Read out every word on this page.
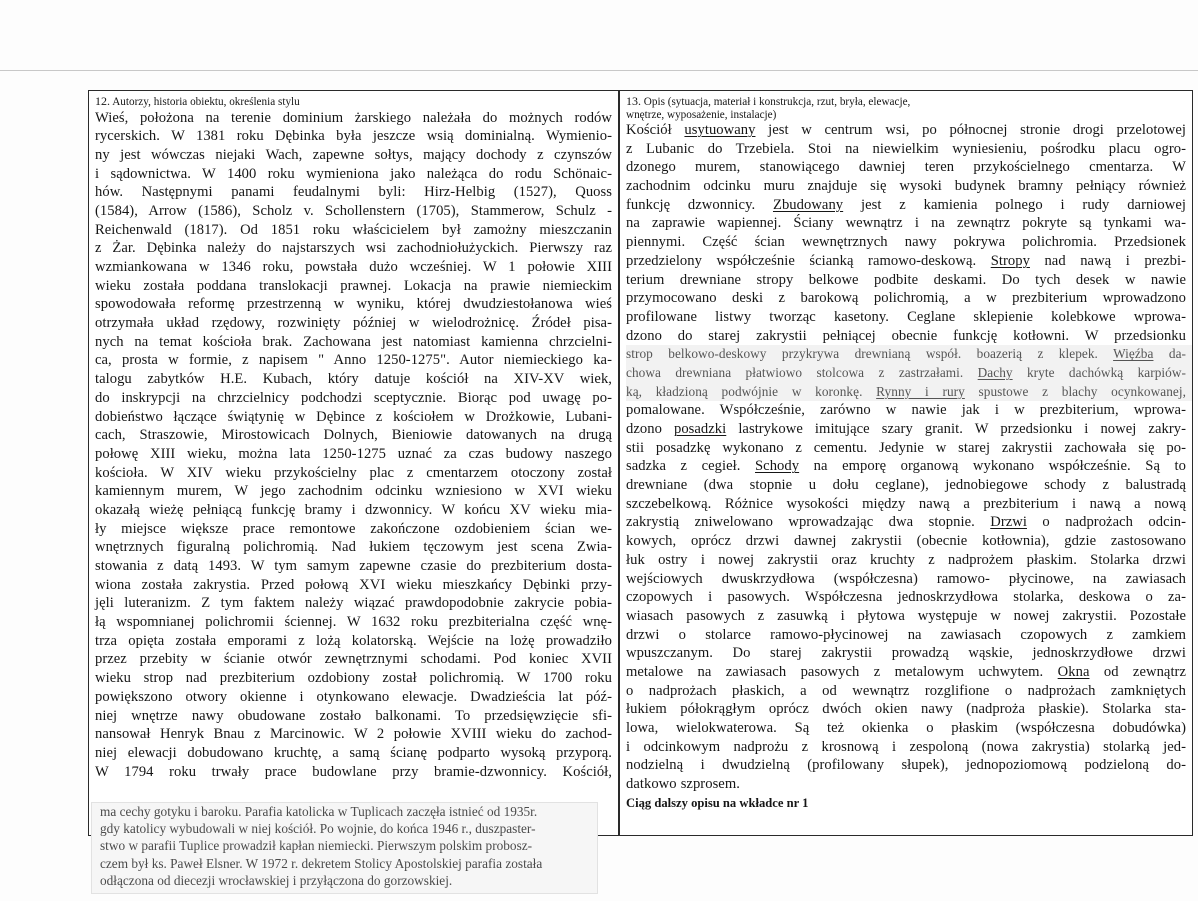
12. Autorzy, historia obiektu, określenia stylu
Wieś, położona na terenie dominium żarskiego należała do możnych rodów
rycerskich. W 1381 roku Dębinka była jeszcze wsią dominialną. Wymienio-
ny jest wówczas niejaki Wach, zapewne sołtys, mający dochody z czynszów
i sądownictwa. W 1400 roku wymieniona jako należąca do rodu Schönaic-
hów. Następnymi panami feudalnymi byli: Hirz-Helbig (1527), Quoss
(1584), Arrow (1586), Scholz v. Schollenstern (1705), Stammerow, Schulz -
Reichenwald (1817). Od 1851 roku właścicielem był zamożny mieszczanin
z Żar. Dębinka należy do najstarszych wsi zachodniołużyckich. Pierwszy raz
wzmiankowana w 1346 roku, powstała dużo wcześniej. W 1 połowie XIII
wieku została poddana translokacji prawnej. Lokacja na prawie niemieckim
spowodowała reformę przestrzenną w wyniku, której dwudziestołanowa wieś
otrzymała układ rzędowy, rozwinięty później w wielodrożnicę. Źródeł pisa-
nych na temat kościoła brak. Zachowana jest natomiast kamienna chrzcielni-
ca, prosta w formie, z napisem " Anno 1250-1275". Autor niemieckiego ka-
talogu zabytków H.E. Kubach, który datuje kościół na XIV-XV wiek,
do inskrypcji na chrzcielnicy podchodzi sceptycznie. Biorąc pod uwagę po-
dobieństwo łączące świątynię w Dębince z kościołem w Drożkowie, Lubani-
cach, Straszowie, Mirostowicach Dolnych, Bieniowie datowanych na drugą
połowę XIII wieku, można lata 1250-1275 uznać za czas budowy naszego
kościoła. W XIV wieku przykościelny plac z cmentarzem otoczony został
kamiennym murem, W jego zachodnim odcinku wzniesiono w XVI wieku
okazałą wieżę pełniącą funkcję bramy i dzwonnicy. W końcu XV wieku mia-
ły miejsce większe prace remontowe zakończone ozdobieniem ścian we-
wnętrznych figuralną polichromią. Nad łukiem tęczowym jest scena Zwia-
stowania z datą 1493. W tym samym zapewne czasie do prezbiterium dosta-
wiona została zakrystia. Przed połową XVI wieku mieszkańcy Dębinki przy-
jęli luteranizm. Z tym faktem należy wiązać prawdopodobnie zakrycie pobia-
łą wspomnianej polichromii ściennej. W 1632 roku prezbiterialna część wnę-
trza opięta została emporami z lożą kolatorską. Wejście na lożę prowadziło
przez przebity w ścianie otwór zewnętrznymi schodami. Pod koniec XVII
wieku strop nad prezbiterium ozdobiony został polichromią. W 1700 roku
powiększono otwory okienne i otynkowano elewacje. Dwadzieścia lat póź-
niej wnętrze nawy obudowane zostało balkonami. To przedsięwzięcie sfi-
nansował Henryk Bnau z Marcinowic. W 2 połowie XVIII wieku do zachod-
niej elewacji dobudowano kruchtę, a samą ścianę podparto wysoką przyporą.
W 1794 roku trwały prace budowlane przy bramie-dzwonnicy. Kościół,
ma cechy gotyku i baroku. Parafia katolicka w Tuplicach zaczęła istnieć od 1935r.
gdy katolicy wybudowali w niej kościół. Po wojnie, do końca 1946 r., duszpaster-
stwo w parafii Tuplice prowadził kapłan niemiecki. Pierwszym polskim probosz-
czem był ks. Paweł Elsner. W 1972 r. dekretem Stolicy Apostolskiej parafia została
odłączona od diecezji wrocławskiej i przyłączona do gorzowskiej.
13. Opis (sytuacja, materiał i konstrukcja, rzut, bryła, elewacje,
wnętrze, wyposażenie, instalacje)
Kościół usytuowany jest w centrum wsi, po północnej stronie drogi przelotowej
z Lubanic do Trzebiela. Stoi na niewielkim wyniesieniu, pośrodku placu ogro-
dzonego murem, stanowiącego dawniej teren przykościelnego cmentarza. W
zachodnim odcinku muru znajduje się wysoki budynek bramny pełniący również
funkcję dzwonnicy. Zbudowany jest z kamienia polnego i rudy darniowej
na zaprawie wapiennej. Ściany wewnątrz i na zewnątrz pokryte są tynkami wa-
piennymi. Część ścian wewnętrznych nawy pokrywa polichromia. Przedsionek
przedzielony współcześnie ścianką ramowo-deskową. Stropy nad nawą i prezbi-
terium drewniane stropy belkowe podbite deskami. Do tych desek w nawie
przymocowano deski z barokową polichromią, a w prezbiterium wprowadzono
profilowane listwy tworząc kasetony. Ceglane sklepienie kolebkowe wprowa-
dzono do starej zakrystii pełniącej obecnie funkcję kotłowni. W przedsionku
strop belkowo-deskowy przykrywa drewnianą współ. boazerią z klepek. Więźba da-
chowa drewniana płatwiowo stolcowa z zastrzałami. Dachy kryte dachówką karpiów-
ką, kładzioną podwójnie w koronkę. Rynny i rury spustowe z blachy ocynkowanej,
pomalowane. Współcześnie, zarówno w nawie jak i w prezbiterium, wprowa-
dzono posadzki lastrykowe imitujące szary granit. W przedsionku i nowej zakry-
stii posadzkę wykonano z cementu. Jedynie w starej zakrystii zachowała się po-
sadzka z cegieł. Schody na emporę organową wykonano współcześnie. Są to
drewniane (dwa stopnie u dołu ceglane), jednobiegowe schody z balustradą
szczebelkową. Różnice wysokości między nawą a prezbiterium i nawą a nową
zakrystią zniwelowano wprowadzając dwa stopnie. Drzwi o nadprożach odcin-
kowych, oprócz drzwi dawnej zakrystii (obecnie kotłownia), gdzie zastosowano
łuk ostry i nowej zakrystii oraz kruchty z nadprożem płaskim. Stolarka drzwi
wejściowych dwuskrzydłowa (współczesna) ramowo- płycinowe, na zawiasach
czopowych i pasowych. Współczesna jednoskrzydłowa stolarka, deskowa o za-
wiasach pasowych z zasuwką i płytowa występuje w nowej zakrystii. Pozostałe
drzwi o stolarce ramowo-płycinowej na zawiasach czopowych z zamkiem
wpuszczanym. Do starej zakrystii prowadzą wąskie, jednoskrzydłowe drzwi
metalowe na zawiasach pasowych z metalowym uchwytem. Okna od zewnątrz
o nadprożach płaskich, a od wewnątrz rozglifione o nadprożach zamkniętych
łukiem półokrągłym oprócz dwóch okien nawy (nadproża płaskie). Stolarka sta-
lowa, wielokwaterowa. Są też okienka o płaskim (współczesna dobudówka)
i odcinkowym nadprożu z krosnową i zespoloną (nowa zakrystia) stolarką jed-
nodzielną i dwudzielną (profilowany słupek), jednopoziomową podzieloną do-
datkowo szprosem.
Ciąg dalszy opisu na wkładce nr 1
